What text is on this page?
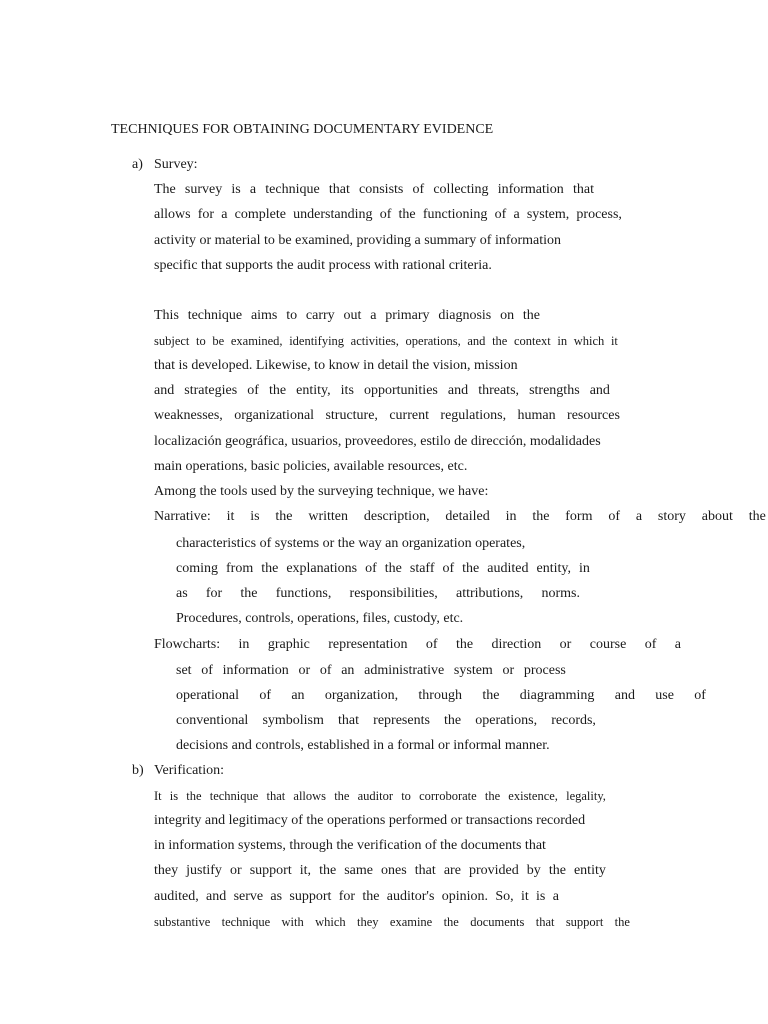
TECHNIQUES FOR OBTAINING DOCUMENTARY EVIDENCE
a) Survey:
The survey is a technique that consists of collecting information that
allows for a complete understanding of the functioning of a system, process,
activity or material to be examined, providing a summary of information
specific that supports the audit process with rational criteria.
This technique aims to carry out a primary diagnosis on the
subject to be examined, identifying activities, operations, and the context in which it
that is developed. Likewise, to know in detail the vision, mission
and strategies of the entity, its opportunities and threats, strengths and
weaknesses, organizational structure, current regulations, human resources
localización geográfica, usuarios, proveedores, estilo de dirección, modalidades
main operations, basic policies, available resources, etc.
Among the tools used by the surveying technique, we have:
Narrative: it is the written description, detailed in the form of a story about the
characteristics of systems or the way an organization operates,
coming from the explanations of the staff of the audited entity, in
as for the functions, responsibilities, attributions, norms.
Procedures, controls, operations, files, custody, etc.
Flowcharts: in graphic representation of the direction or course of a
set of information or of an administrative system or process
operational of an organization, through the diagramming and use of
conventional symbolism that represents the operations, records,
decisions and controls, established in a formal or informal manner.
b) Verification:
It is the technique that allows the auditor to corroborate the existence, legality,
integrity and legitimacy of the operations performed or transactions recorded
in information systems, through the verification of the documents that
they justify or support it, the same ones that are provided by the entity
audited, and serve as support for the auditor's opinion. So, it is a
substantive technique with which they examine the documents that support the
